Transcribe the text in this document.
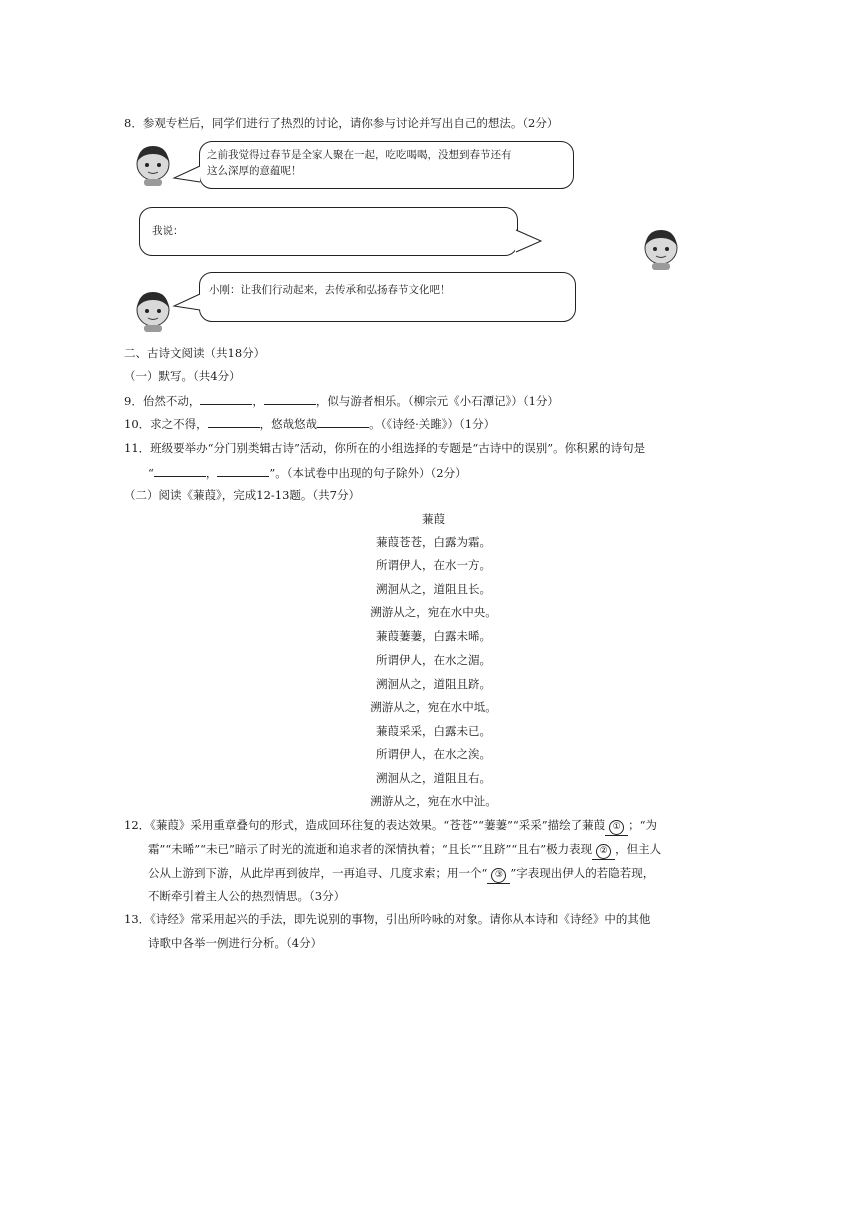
8．参观专栏后，同学们进行了热烈的讨论，请你参与讨论并写出自己的想法。（2分）
之前我觉得过春节是全家人聚在一起，吃吃喝喝，没想到春节还有
这么深厚的意蕴呢！
我说：
小刚：让我们行动起来，去传承和弘扬春节文化吧！
二、古诗文阅读（共18分）
（一）默写。（共4分）
9．佁然不动，	，	，似与游者相乐。（柳宗元《小石潭记》）（1分）
10．求之不得，	，悠哉悠哉	。（《诗经·关雎》）（1分）
11．班级要举办“分门别类辑古诗”活动，你所在的小组选择的专题是“古诗中的误别”。你积累的诗句是
“	，	”。（本试卷中出现的句子除外）（2分）
（二）阅读《蒹葭》，完成12-13题。（共7分）
蒹葭
蒹葭苍苍，白露为霜。
所谓伊人，在水一方。
溯洄从之，道阻且长。
溯游从之，宛在水中央。
蒹葭萋萋，白露未晞。
所谓伊人，在水之湄。
溯洄从之，道阻且跻。
溯游从之，宛在水中坻。
蒹葭采采，白露未已。
所谓伊人，在水之涘。
溯洄从之，道阻且右。
溯游从之，宛在水中沚。
12．《蒹葭》采用重章叠句的形式，造成回环往复的表达效果。“苍苍”“萋萋”“采采”描绘了蒹葭 ① ；“为
霜”“未晞”“未已”暗示了时光的流逝和追求者的深情执着；“且长”“且跻”“且右”极力表现 ② ，但主人
公从上游到下游，从此岸再到彼岸，一再追寻、几度求索；用一个“ ③ ”字表现出伊人的若隐若现，
不断牵引着主人公的热烈情思。（3分）
13．《诗经》常采用起兴的手法，即先说别的事物，引出所吟咏的对象。请你从本诗和《诗经》中的其他
诗歌中各举一例进行分析。（4分）
